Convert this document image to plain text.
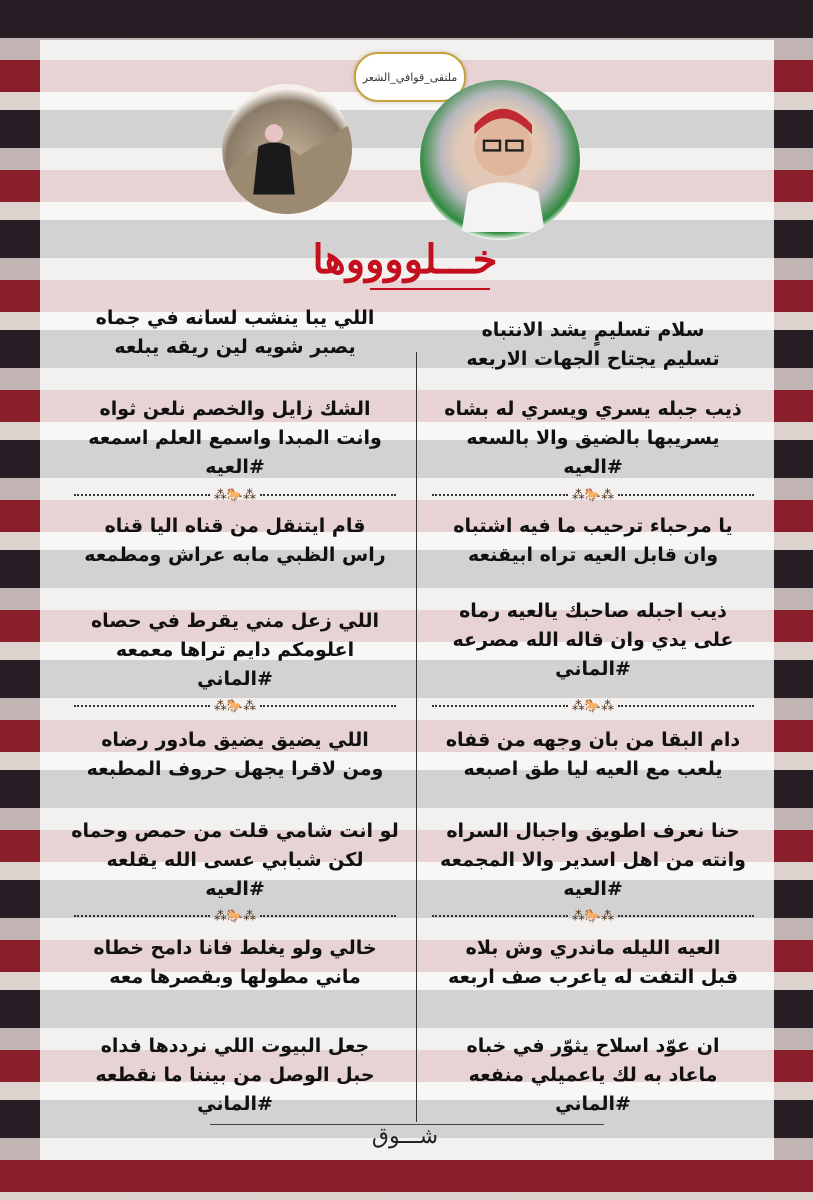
ملتقى_قوافي_الشعر
خـــلووووها
سلام تسليمٍ يشد الانتباه
تسليم يجتاح الجهات الاربعه
ذيب جبله يسري ويسري له بشاه
يسريبها بالضيق والا بالسعه
#العيه
⁂🐎⁂
يا مرحباء ترحيب ما فيه اشتباه
وان قابل العيه تراه ابيقنعه
ذيب اجبله صاحبك يالعيه رماه
على يدي وان قاله الله مصرعه
#الماني
⁂🐎⁂
دام البقا من بان وجهه من قفاه
يلعب مع العيه ليا طق اصبعه
حنا نعرف اطويق واجبال السراه
وانته من اهل اسدير والا المجمعه
#العيه
⁂🐎⁂
العيه الليله ماندري وش بلاه
قبل التفت له ياعرب صف اربعه
ان عوّد اسلاح يثوّر في خباه
ماعاد به لك ياعميلي منفعه
#الماني
اللي يبا ينشب لسانه في جماه
يصبر شويه لين ريقه يبلعه
الشك زايل والخصم نلعن ثواه
وانت المبدا واسمع العلم اسمعه
#العيه
⁂🐎⁂
قام ايتنقل من قناه اليا قناه
راس الظبي مابه عراش ومطمعه
اللي زعل مني يقرط في حصاه
اعلومكم دايم تراها معمعه
#الماني
⁂🐎⁂
اللي يضيق يضيق مادور رضاه
ومن لاقرا يجهل حروف المطبعه
لو انت شامي قلت من حمص وحماه
لكن شبابي عسى الله يقلعه
#العيه
⁂🐎⁂
خالي ولو يغلط فانا دامح خطاه
ماني مطولها وبقصرها معه
جعل البيوت اللي نرددها فداه
حبل الوصل من بيننا ما نقطعه
#الماني
شـــوق
